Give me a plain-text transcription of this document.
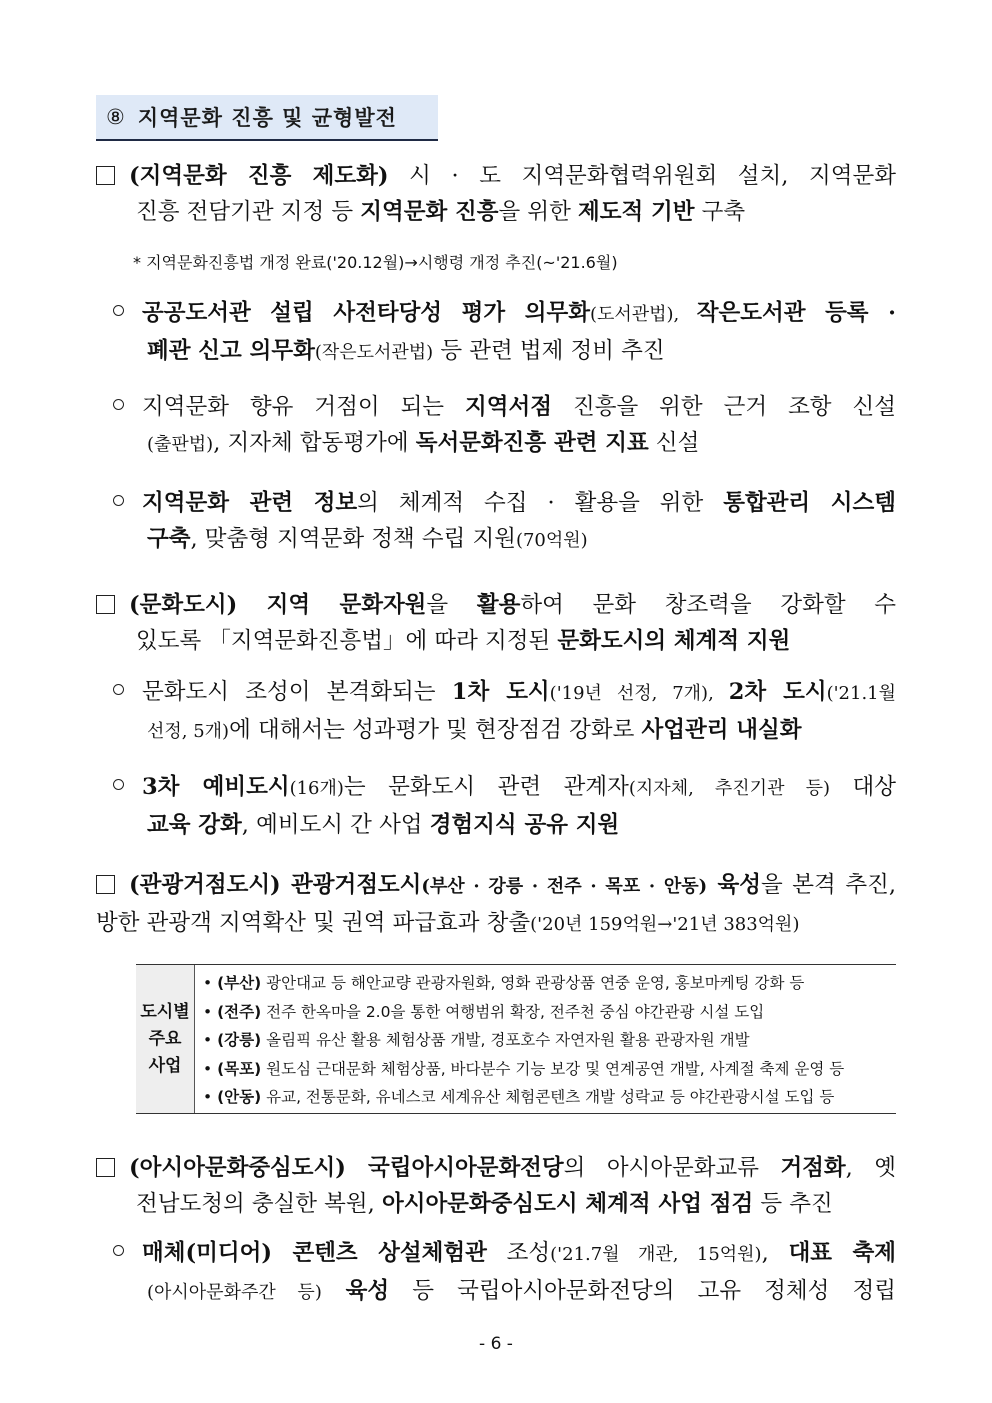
⑧ 지역문화 진흥 및 균형발전
(지역문화 진흥 제도화) 시 · 도 지역문화협력위원회 설치, 지역문화
진흥 전담기관 지정 등 지역문화 진흥을 위한 제도적 기반 구축
* 지역문화진흥법 개정 완료('20.12월)→시행령 개정 추진(~'21.6월)
공공도서관 설립 사전타당성 평가 의무화(도서관법), 작은도서관 등록 ·
폐관 신고 의무화(작은도서관법) 등 관련 법제 정비 추진
지역문화 향유 거점이 되는 지역서점 진흥을 위한 근거 조항 신설
(출판법), 지자체 합동평가에 독서문화진흥 관련 지표 신설
지역문화 관련 정보의 체계적 수집 · 활용을 위한 통합관리 시스템
구축, 맞춤형 지역문화 정책 수립 지원(70억원)
(문화도시) 지역 문화자원을 활용하여 문화 창조력을 강화할 수
있도록 「지역문화진흥법」에 따라 지정된 문화도시의 체계적 지원
문화도시 조성이 본격화되는 1차 도시('19년 선정, 7개), 2차 도시('21.1월
선정, 5개)에 대해서는 성과평가 및 현장점검 강화로 사업관리 내실화
3차 예비도시(16개)는 문화도시 관련 관계자(지자체, 추진기관 등) 대상
교육 강화, 예비도시 간 사업 경험지식 공유 지원
(관광거점도시) 관광거점도시(부산 · 강릉 · 전주 · 목포 · 안동) 육성을 본격 추진,
방한 관광객 지역확산 및 권역 파급효과 창출('20년 159억원→'21년 383억원)
도시별
주요
사업
• (부산) 광안대교 등 해안교량 관광자원화, 영화 관광상품 연중 운영, 홍보마케팅 강화 등
• (전주) 전주 한옥마을 2.0을 통한 여행범위 확장, 전주천 중심 야간관광 시설 도입
• (강릉) 올림픽 유산 활용 체험상품 개발, 경포호수 자연자원 활용 관광자원 개발
• (목포) 원도심 근대문화 체험상품, 바다분수 기능 보강 및 연계공연 개발, 사계절 축제 운영 등
• (안동) 유교, 전통문화, 유네스코 세계유산 체험콘텐츠 개발 성락교 등 야간관광시설 도입 등
(아시아문화중심도시) 국립아시아문화전당의 아시아문화교류 거점화, 옛
전남도청의 충실한 복원, 아시아문화중심도시 체계적 사업 점검 등 추진
매체(미디어) 콘텐츠 상설체험관 조성('21.7월 개관, 15억원), 대표 축제
(아시아문화주간 등) 육성 등 국립아시아문화전당의 고유 정체성 정립
- 6 -
